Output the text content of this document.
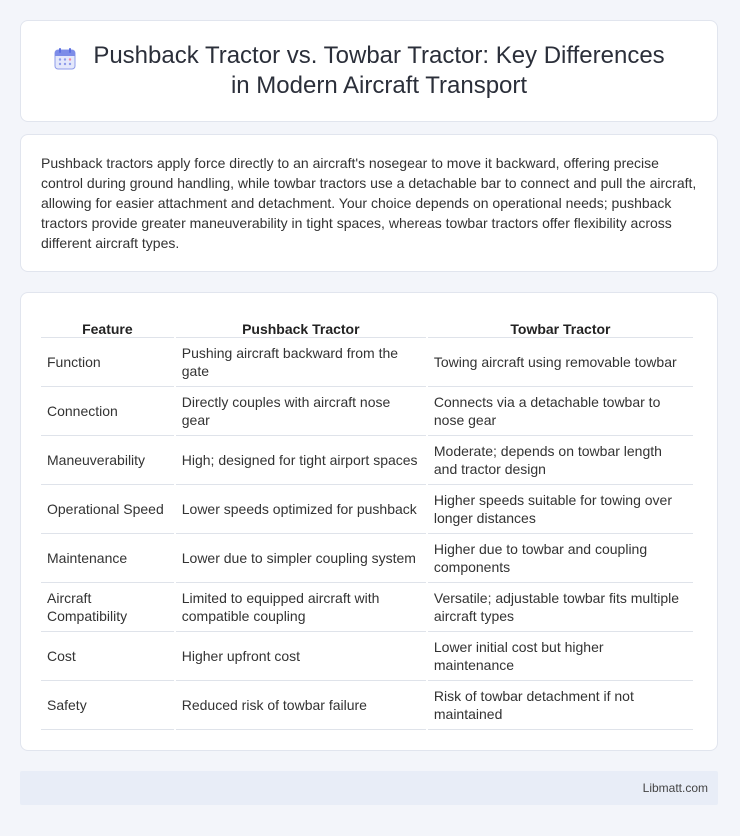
Pushback Tractor vs. Towbar Tractor: Key Differences in Modern Aircraft Transport

Pushback tractors apply force directly to an aircraft's nosegear to move it backward, offering precise control during ground handling, while towbar tractors use a detachable bar to connect and pull the aircraft, allowing for easier attachment and detachment. Your choice depends on operational needs; pushback tractors provide greater maneuverability in tight spaces, whereas towbar tractors offer flexibility across different aircraft types.

Feature	Pushback Tractor	Towbar Tractor
Function	Pushing aircraft backward from the gate	Towing aircraft using removable towbar
Connection	Directly couples with aircraft nose gear	Connects via a detachable towbar to nose gear
Maneuverability	High; designed for tight airport spaces	Moderate; depends on towbar length and tractor design
Operational Speed	Lower speeds optimized for pushback	Higher speeds suitable for towing over longer distances
Maintenance	Lower due to simpler coupling system	Higher due to towbar and coupling components
Aircraft Compatibility	Limited to equipped aircraft with compatible coupling	Versatile; adjustable towbar fits multiple aircraft types
Cost	Higher upfront cost	Lower initial cost but higher maintenance
Safety	Reduced risk of towbar failure	Risk of towbar detachment if not maintained
Libmatt.com
